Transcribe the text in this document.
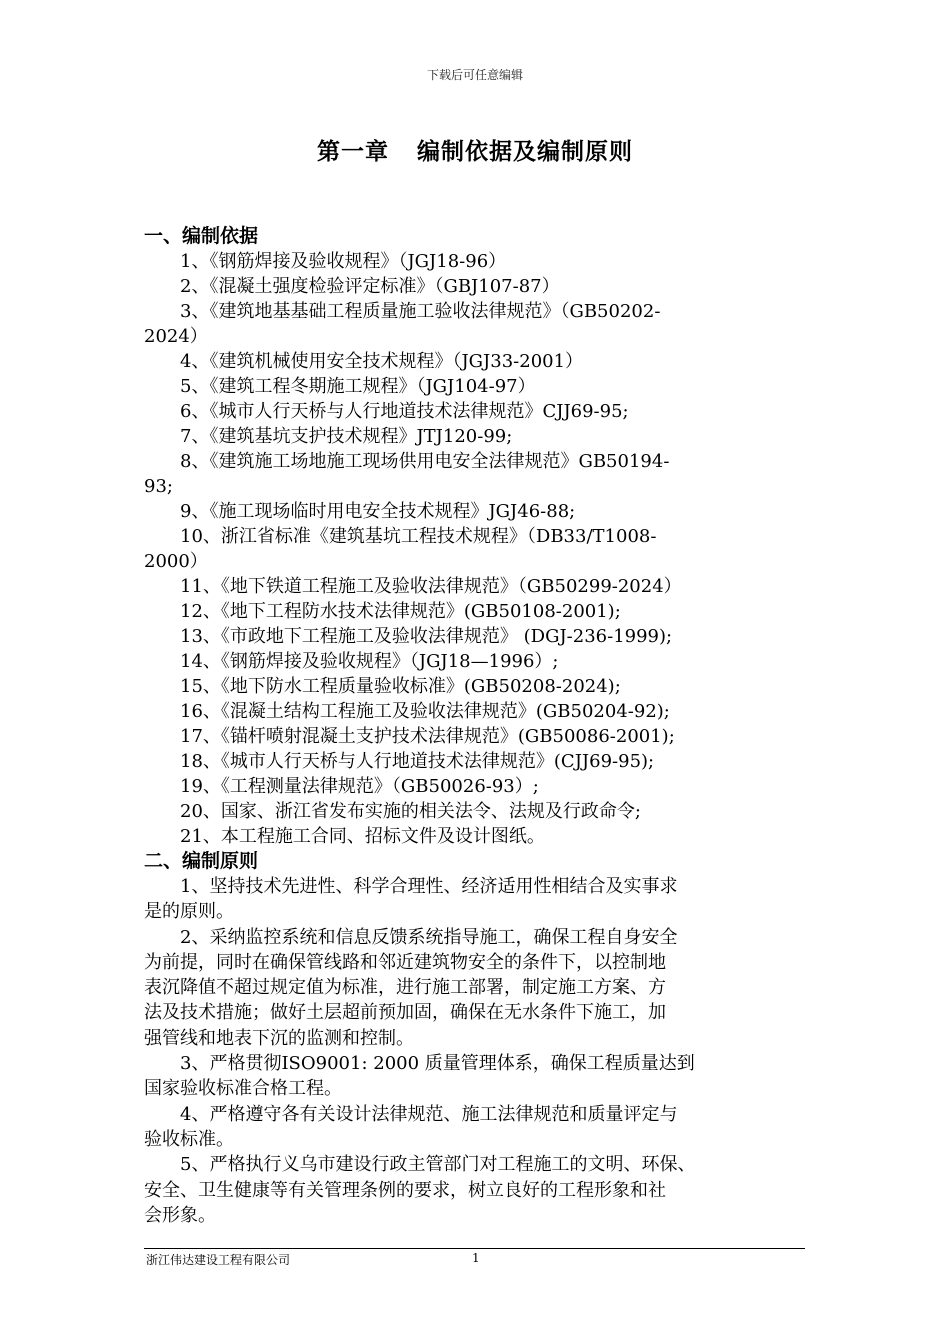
下载后可任意编辑
第一章 编制依据及编制原则
一、编制依据
1、《钢筋焊接及验收规程》（JGJ18-96）
2、《混凝土强度检验评定标准》（GBJ107-87）
3、《建筑地基基础工程质量施工验收法律规范》（GB50202-
2024）
4、《建筑机械使用安全技术规程》（JGJ33-2001）
5、《建筑工程冬期施工规程》（JGJ104-97）
6、《城市人行天桥与人行地道技术法律规范》CJJ69-95;
7、《建筑基坑支护技术规程》JTJ120-99;
8、《建筑施工场地施工现场供用电安全法律规范》GB50194-
93;
9、《施工现场临时用电安全技术规程》JGJ46-88;
10、浙江省标准《建筑基坑工程技术规程》（DB33/T1008-
2000）
11、《地下铁道工程施工及验收法律规范》（GB50299-2024）
12、《地下工程防水技术法律规范》(GB50108-2001);
13、《市政地下工程施工及验收法律规范》 (DGJ-236-1999);
14、《钢筋焊接及验收规程》（JGJ18—1996）;
15、《地下防水工程质量验收标准》(GB50208-2024);
16、《混凝土结构工程施工及验收法律规范》(GB50204-92);
17、《锚杆喷射混凝土支护技术法律规范》(GB50086-2001);
18、《城市人行天桥与人行地道技术法律规范》(CJJ69-95);
19、《工程测量法律规范》（GB50026-93）;
20、国家、浙江省发布实施的相关法令、法规及行政命令;
21、本工程施工合同、招标文件及设计图纸。
二、编制原则
1、坚持技术先进性、科学合理性、经济适用性相结合及实事求
是的原则。
2、采纳监控系统和信息反馈系统指导施工，确保工程自身安全
为前提，同时在确保管线路和邻近建筑物安全的条件下，以控制地
表沉降值不超过规定值为标准，进行施工部署，制定施工方案、方
法及技术措施；做好土层超前预加固，确保在无水条件下施工，加
强管线和地表下沉的监测和控制。
3、严格贯彻ISO9001: 2000 质量管理体系，确保工程质量达到
国家验收标准合格工程。
4、严格遵守各有关设计法律规范、施工法律规范和质量评定与
验收标准。
5、严格执行义乌市建设行政主管部门对工程施工的文明、环保、
安全、卫生健康等有关管理条例的要求，树立良好的工程形象和社
会形象。
浙江伟达建设工程有限公司	1
